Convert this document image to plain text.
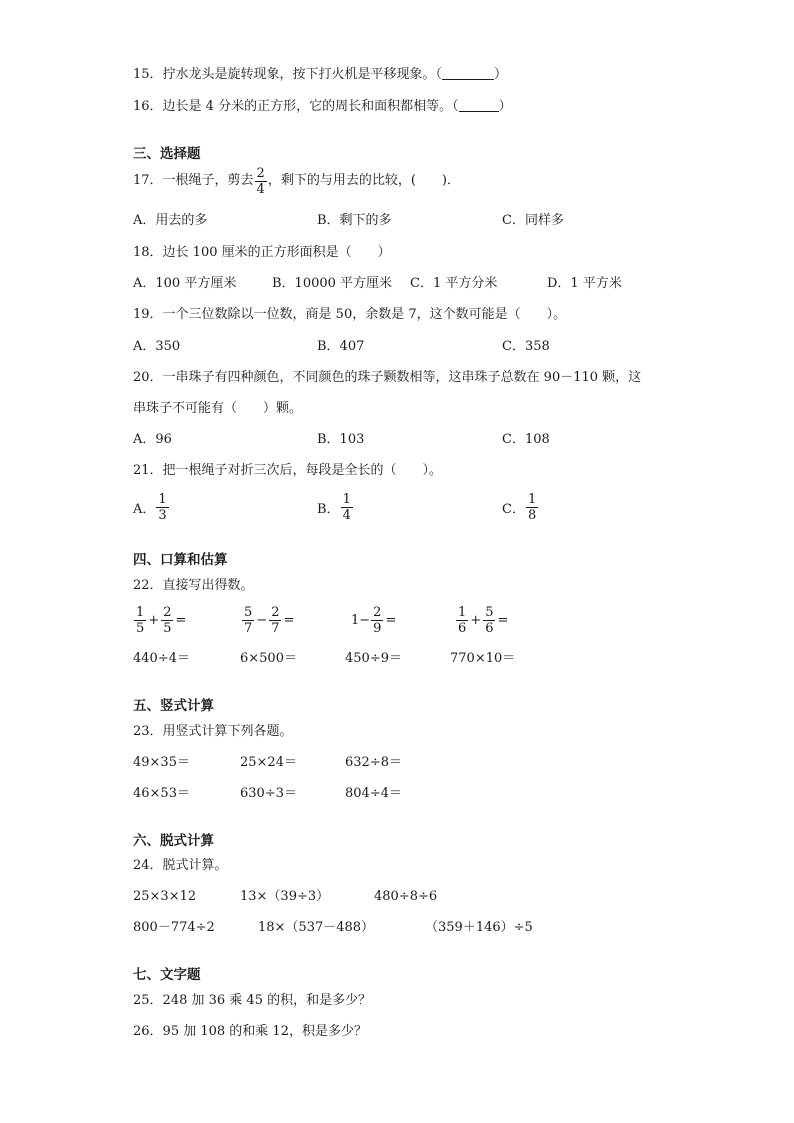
15．拧水龙头是旋转现象，按下打火机是平移现象。（	）
16．边长是 4 分米的正方形，它的周长和面积都相等。（	）
三、选择题
17．一根绳子，剪去 $\frac{2}{4}$ ，剩下的与用去的比较，(　　)．
A．用去的多	B．剩下的多	C．同样多
18．边长 100 厘米的正方形面积是（　　）
A．100 平方厘米	B．10000 平方厘米 C．1 平方分米	D．1 平方米
19．一个三位数除以一位数，商是 50，余数是 7，这个数可能是（　　）。
A．350	B．407	C．358
20．一串珠子有四种颜色，不同颜色的珠子颗数相等，这串珠子总数在 90－110 颗，这
串珠子不可能有（　　）颗。
A．96	B．103	C．108
21．把一根绳子对折三次后，每段是全长的（　　）。
A． $\frac{1}{3}$	B． $\frac{1}{4}$	C． $\frac{1}{8}$
四、口算和估算
22．直接写出得数。
$\frac{1}{5} + \frac{2}{5}$ =	$\frac{5}{7} - \frac{2}{7}$ =	$1- \frac{2}{9}$ =	$\frac{1}{6} + \frac{5}{6}$ =
440÷4＝	6×500＝	450÷9＝	770×10＝
五、竖式计算
23．用竖式计算下列各题。
49×35＝	25×24＝	632÷8＝
46×53＝	630÷3＝	804÷4＝
六、脱式计算
24．脱式计算。
25×3×12	13×（39÷3）	480÷8÷6
800－774÷2	18×（537－488）	（359＋146）÷5
七、文字题
25．248 加 36 乘 45 的积，和是多少？
26．95 加 108 的和乘 12，积是多少？
